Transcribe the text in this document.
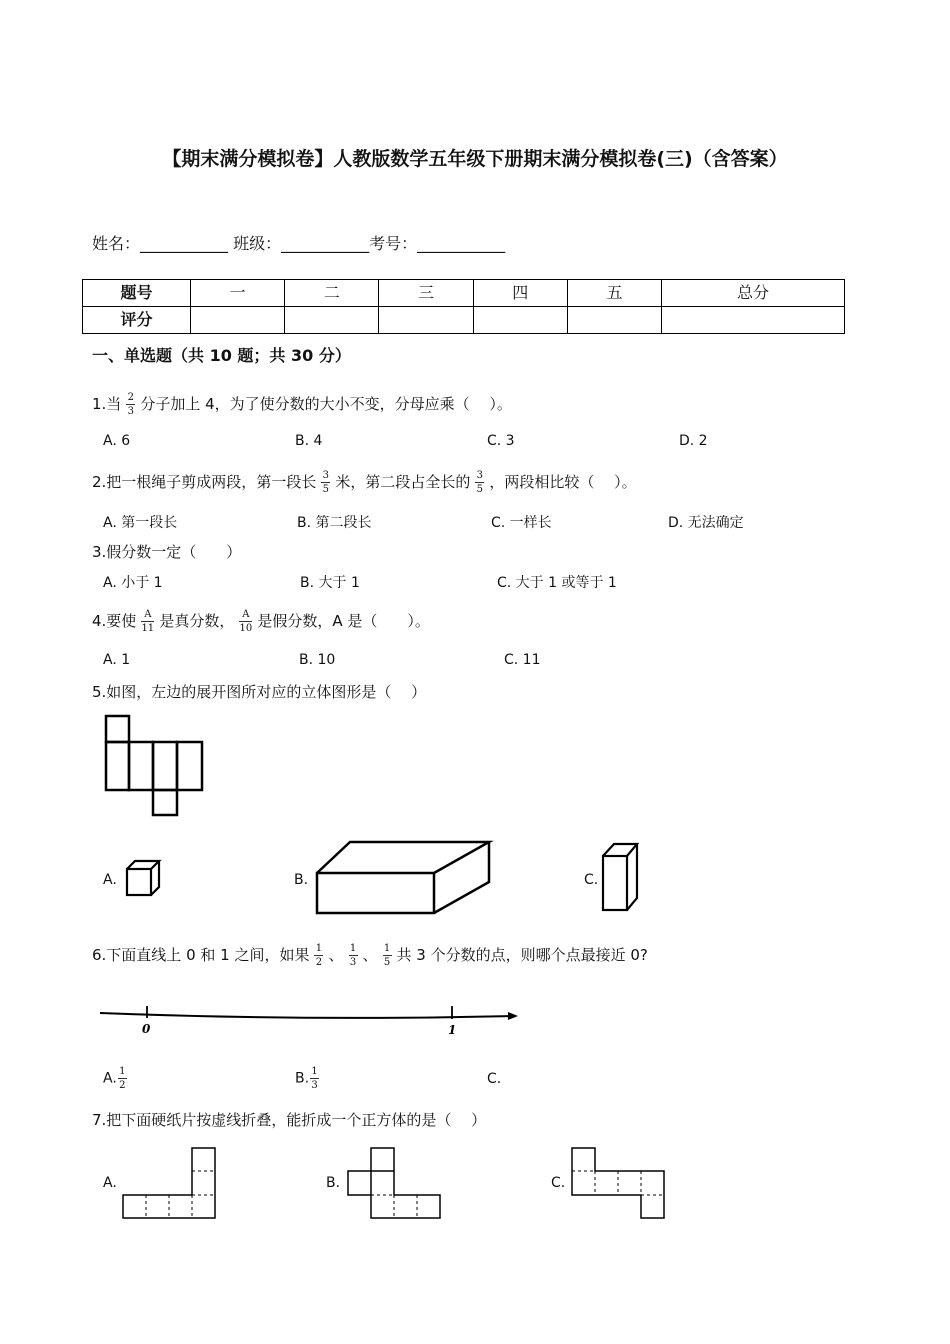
【期末满分模拟卷】人教版数学五年级下册期末满分模拟卷(三)（含答案）
姓名：___________ 班级：___________考号：___________
题号	一	二	三	四	五	总分
评分						
一、单选题（共 10 题；共 30 分）
1.当 $\frac{2}{3}$ 分子加上 4，为了使分数的大小不变，分母应乘（　 ）。
A. 6	B. 4	C. 3	D. 2
2.把一根绳子剪成两段，第一段长 $\frac{3}{5}$ 米，第二段占全长的 $\frac{3}{5}$ ，两段相比较（　 ）。
A. 第一段长	B. 第二段长	C. 一样长	D. 无法确定
3.假分数一定（　　）
A. 小于 1	B. 大于 1	C. 大于 1 或等于 1
4.要使 $\frac{A}{11}$ 是真分数， $\frac{A}{10}$ 是假分数，A 是（　　）。
A. 1	B. 10	C. 11
5.如图，左边的展开图所对应的立体图形是（　 ）
A.	B.	C.
6.下面直线上 0 和 1 之间，如果 $\frac{1}{2}$ 、 $\frac{1}{3}$ 、 $\frac{1}{5}$ 共 3 个分数的点，则哪个点最接近 0?
0	1
A. $\frac{1}{2}$	B. $\frac{1}{3}$	C.
7.把下面硬纸片按虚线折叠，能折成一个正方体的是（　 ）
A.	B.	C.
